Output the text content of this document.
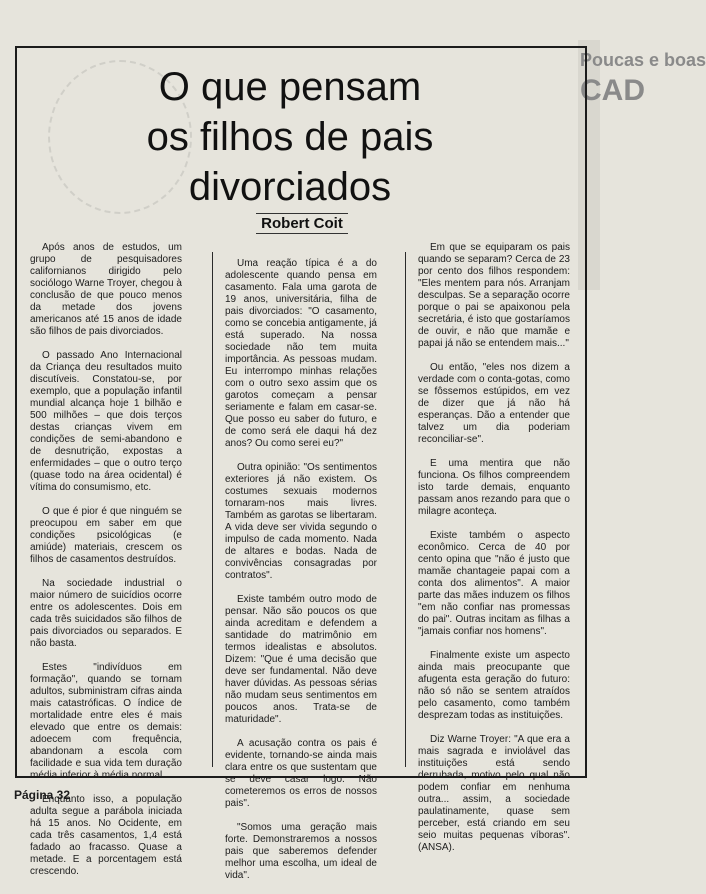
Poucas e boas
CAD
O que pensam
os filhos de pais
divorciados
Robert Coit

Após anos de estudos, um grupo de pesquisadores californianos dirigido pelo sociólogo Warne Troyer, chegou à conclusão de que pouco menos da metade dos jovens americanos até 15 anos de idade são filhos de pais divorciados.

O passado Ano Internacional da Criança deu resultados muito discutíveis. Constatou-se, por exemplo, que a população infantil mundial alcança hoje 1 bilhão e 500 milhões – que dois terços destas crianças vivem em condições de semi-abandono e de desnutrição, expostas a enfermidades – que o outro terço (quase todo na área ocidental) é vítima do consumismo, etc.

O que é pior é que ninguém se preocupou em saber em que condições psicológicas (e amiúde) materiais, crescem os filhos de casamentos destruídos.

Na sociedade industrial o maior número de suicídios ocorre entre os adolescentes. Dois em cada três suicidados são filhos de pais divorciados ou separados. E não basta.

Estes "indivíduos em formação", quando se tornam adultos, subministram cifras ainda mais catastróficas. O índice de mortalidade entre eles é mais elevado que entre os demais: adoecem com frequência, abandonam a escola com facilidade e sua vida tem duração média inferior à média normal.

Enquanto isso, a população adulta segue a parábola iniciada há 15 anos. No Ocidente, em cada três casamentos, 1,4 está fadado ao fracasso. Quase a metade. E a porcentagem está crescendo.

Uma reação típica é a do adolescente quando pensa em casamento. Fala uma garota de 19 anos, universitária, filha de pais divorciados: "O casamento, como se concebia antigamente, já está superado. Na nossa sociedade não tem muita importância. As pessoas mudam. Eu interrompo minhas relações com o outro sexo assim que os garotos começam a pensar seriamente e falam em casar-se. Que posso eu saber do futuro, e de como será ele daqui há dez anos? Ou como serei eu?"

Outra opinião: "Os sentimentos exteriores já não existem. Os costumes sexuais modernos tornaram-nos mais livres. Também as garotas se libertaram. A vida deve ser vivida segundo o impulso de cada momento. Nada de altares e bodas. Nada de convivências consagradas por contratos".

Existe também outro modo de pensar. Não são poucos os que ainda acreditam e defendem a santidade do matrimônio em termos idealistas e absolutos. Dizem: "Que é uma decisão que deve ser fundamental. Não deve haver dúvidas. As pessoas sérias não mudam seus sentimentos em poucos anos. Trata-se de maturidade".

A acusação contra os pais é evidente, tornando-se ainda mais clara entre os que sustentam que se deve casar logo. Não cometeremos os erros de nossos pais".

"Somos uma geração mais forte. Demonstraremos a nossos pais que saberemos defender melhor uma escolha, um ideal de vida".

Em que se equiparam os pais quando se separam? Cerca de 23 por cento dos filhos respondem: "Eles mentem para nós. Arranjam desculpas. Se a separação ocorre porque o pai se apaixonou pela secretária, é isto que gostaríamos de ouvir, e não que mamãe e papai já não se entendem mais..."

Ou então, "eles nos dizem a verdade com o conta-gotas, como se fôssemos estúpidos, em vez de dizer que já não há esperanças. Dão a entender que talvez um dia poderiam reconciliar-se".

E uma mentira que não funciona. Os filhos compreendem isto tarde demais, enquanto passam anos rezando para que o milagre aconteça.

Existe também o aspecto econômico. Cerca de 40 por cento opina que "não é justo que mamãe chantageie papai com a conta dos alimentos". A maior parte das mães induzem os filhos "em não confiar nas promessas do pai". Outras incitam as filhas a "jamais confiar nos homens".

Finalmente existe um aspecto ainda mais preocupante que afugenta esta geração do futuro: não só não se sentem atraídos pelo casamento, como também desprezam todas as instituições.

Diz Warne Troyer: "A que era a mais sagrada e inviolável das instituições está sendo derrubada, motivo pelo qual não podem confiar em nenhuma outra... assim, a sociedade paulatinamente, quase sem perceber, está criando em seu seio muitas pequenas víboras". (ANSA).

Página 32
